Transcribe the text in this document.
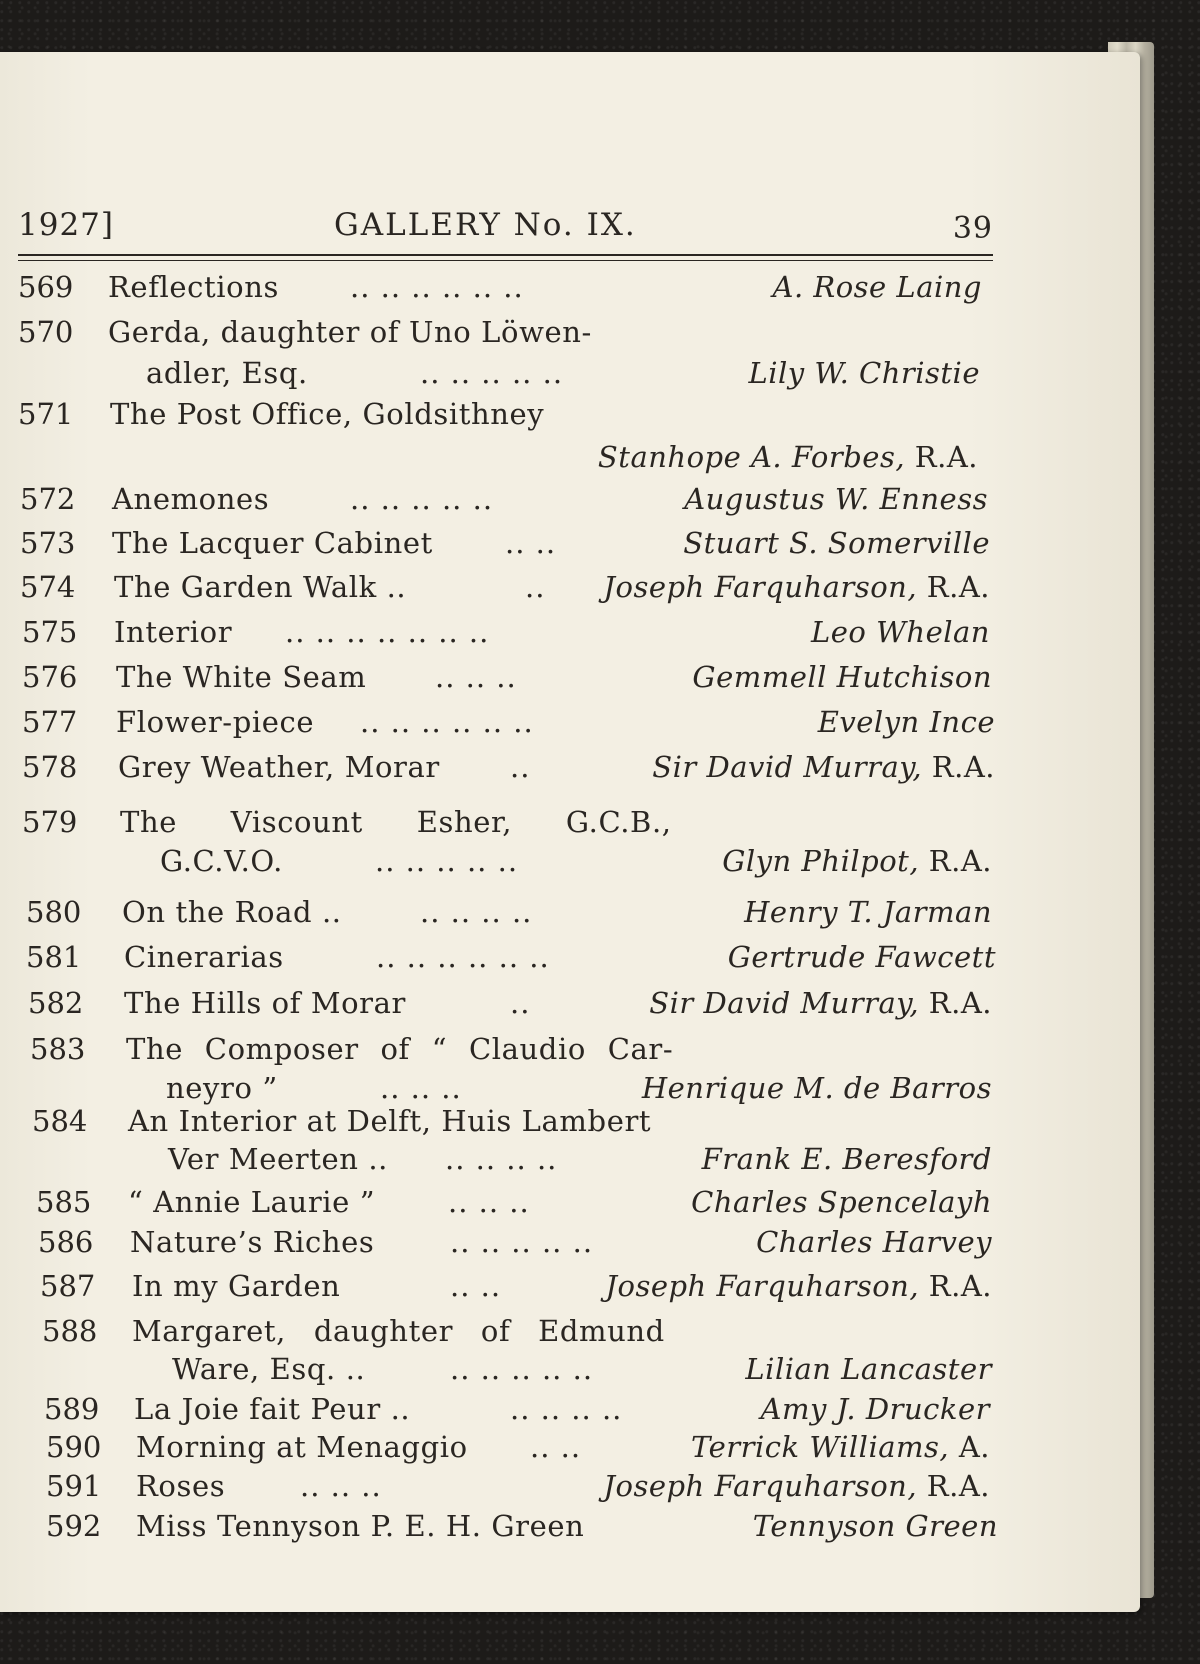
1927]	GALLERY No. IX.	39
569 Reflections .. .. .. .. .. ..	A. Rose Laing
570 Gerda, daughter of Uno Löwen-
adler, Esq.	.. .. .. .. ..	Lily W. Christie
571 The Post Office, Goldsithney
Stanhope A. Forbes, R.A.
572 Anemones	.. .. .. .. ..	Augustus W. Enness
573 The Lacquer Cabinet .. ..	Stuart S. Somerville
574 The Garden Walk ..	.. Joseph Farquharson, R.A.
575 Interior .. .. .. .. .. .. ..	Leo Whelan
576 The White Seam .. .. ..	Gemmell Hutchison
577 Flower-piece .. .. .. .. .. ..	Evelyn Ince
578 Grey Weather, Morar ..	Sir David Murray, R.A.
579 The Viscount Esher, G.C.B.,
G.C.V.O.	.. .. .. .. ..	Glyn Philpot, R.A.
580 On the Road ..	.. .. .. ..	Henry T. Jarman
581 Cinerarias	.. .. .. .. .. ..	Gertrude Fawcett
582 The Hills of Morar	..	Sir David Murray, R.A.
583 The Composer of “ Claudio Car-
neyro ”	.. .. ..	Henrique M. de Barros
584 An Interior at Delft, Huis Lambert
Ver Meerten .. .. .. .. ..	Frank E. Beresford
585 “ Annie Laurie ”	.. .. ..	Charles Spencelayh
586 Nature’s Riches	.. .. .. .. ..	Charles Harvey
587 In my Garden	.. ..	Joseph Farquharson, R.A.
588 Margaret, daughter of Edmund
Ware, Esq. ..	.. .. .. .. ..	Lilian Lancaster
589 La Joie fait Peur ..	.. .. .. ..	Amy J. Drucker
590 Morning at Menaggio .. ..	Terrick Williams, A.
591 Roses	.. .. ..	Joseph Farquharson, R.A.
592 Miss Tennyson P. E. H. Green	Tennyson Green
